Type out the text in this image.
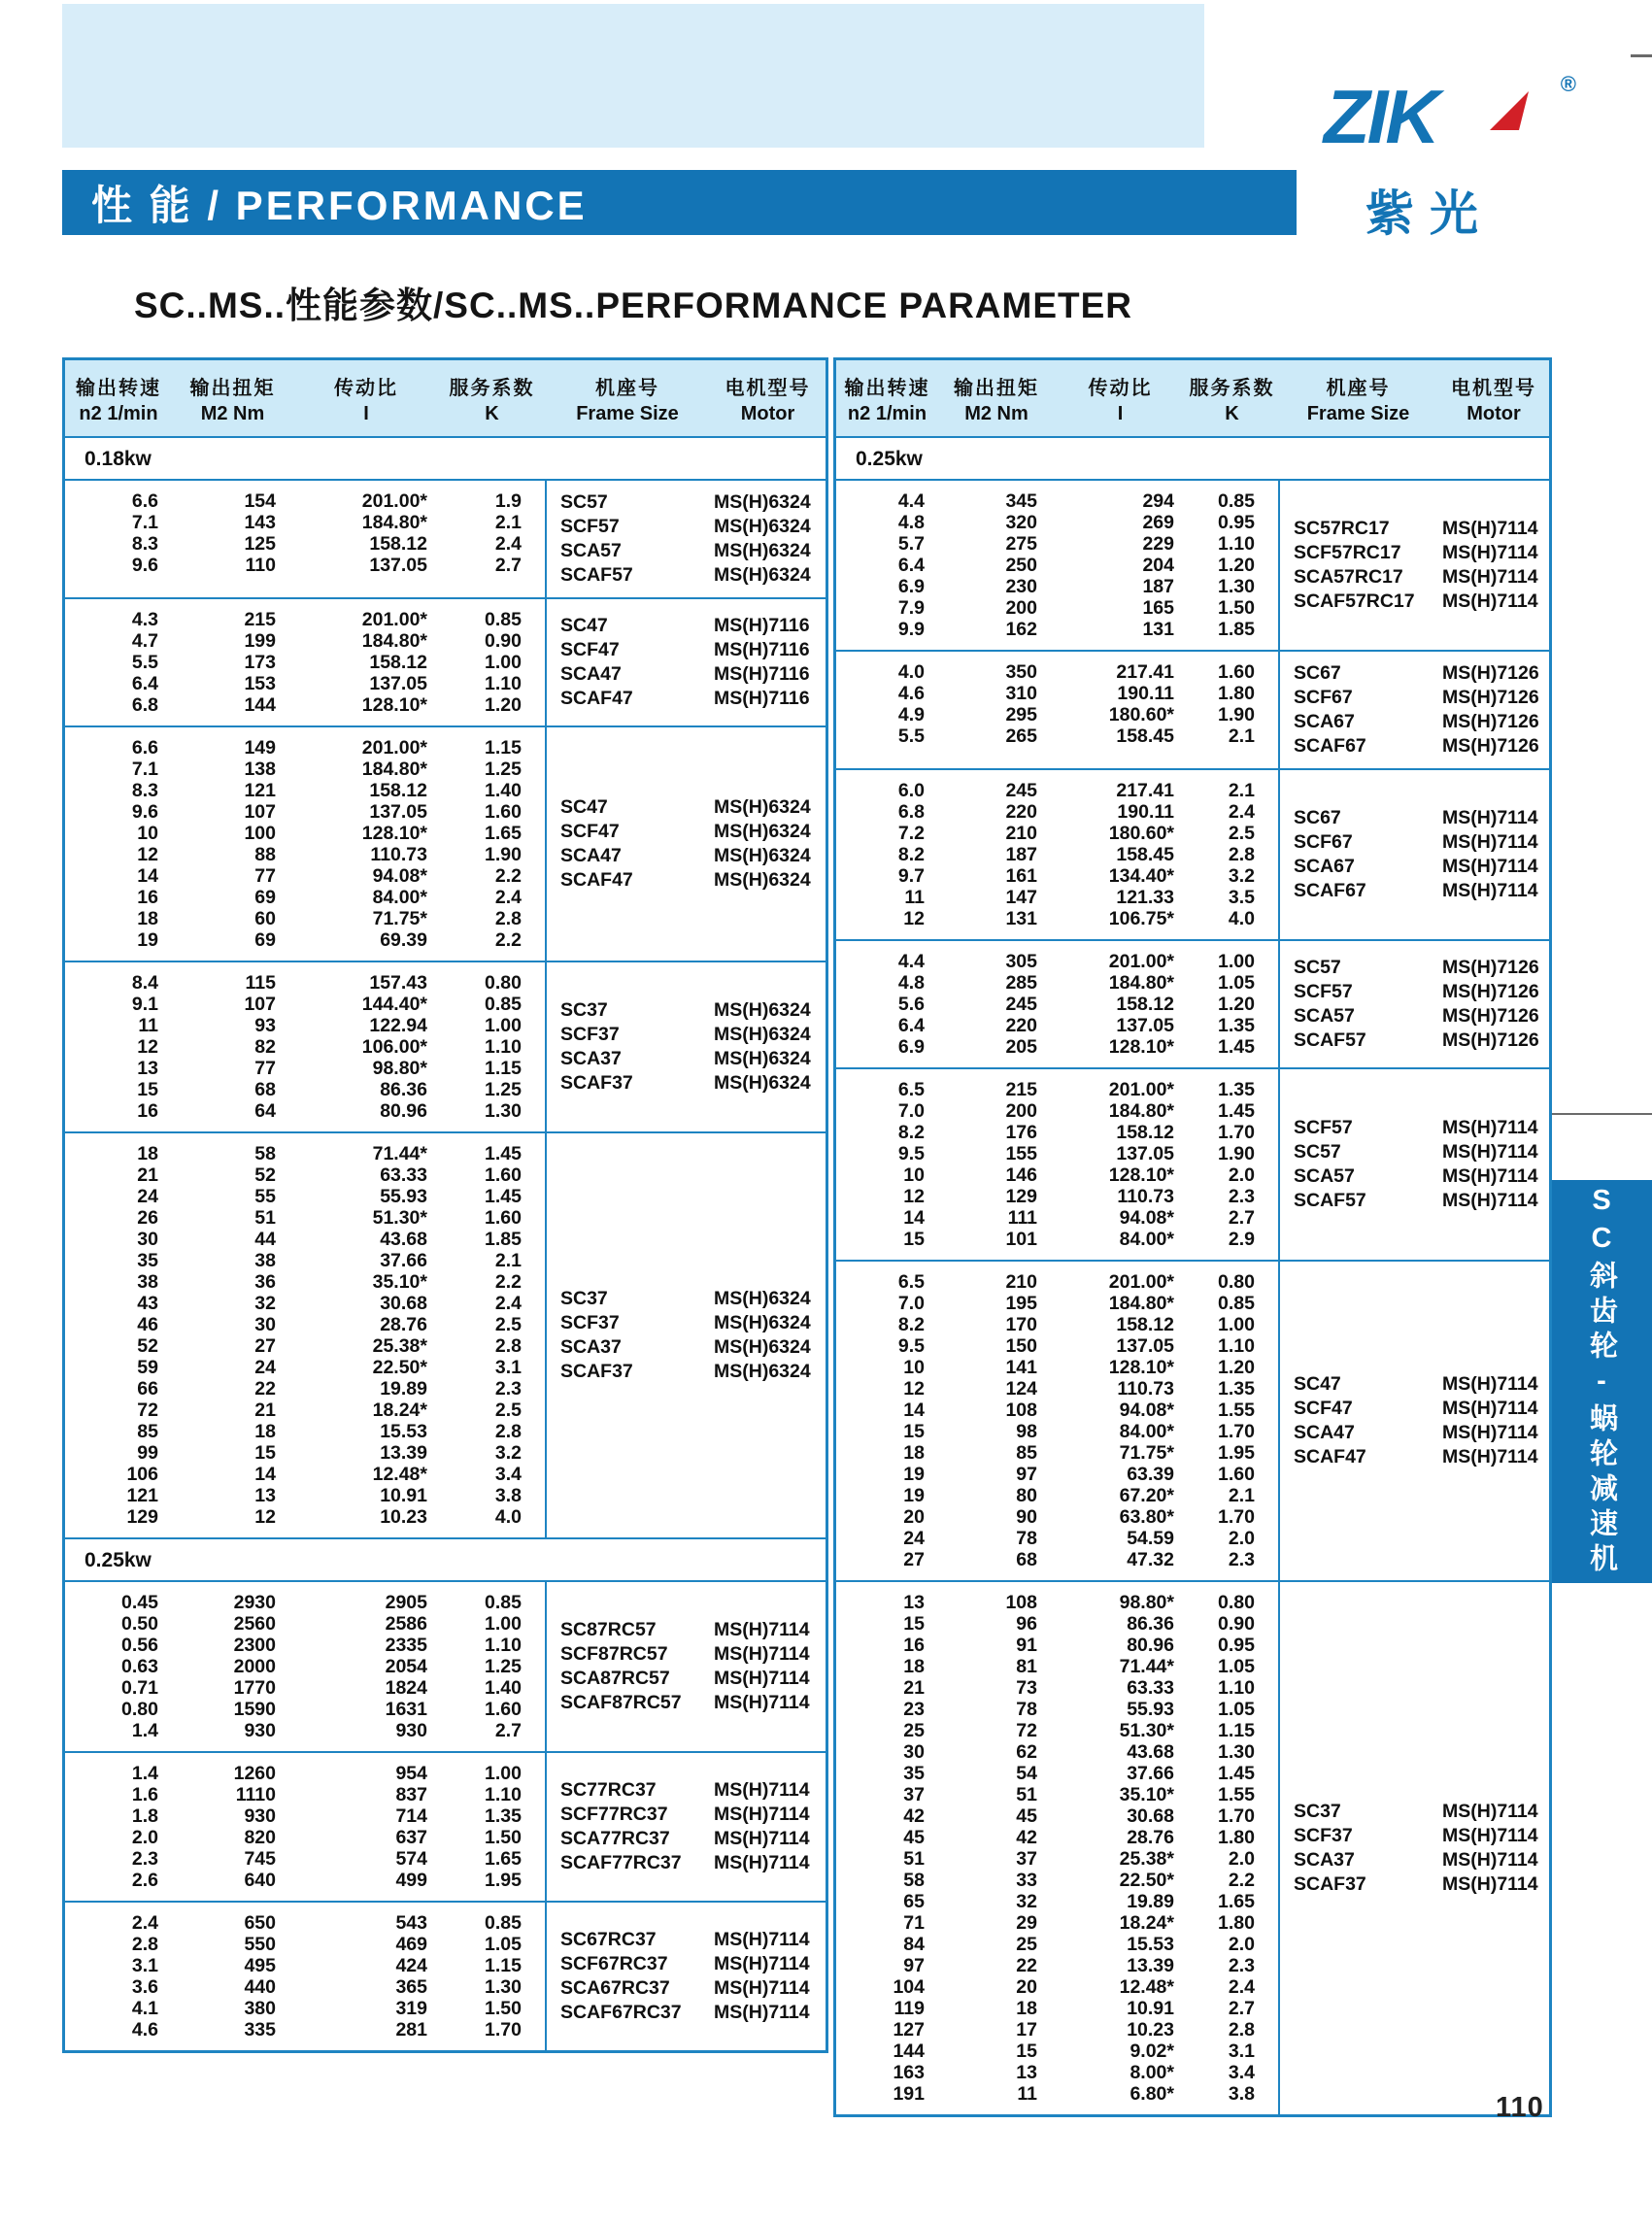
性 能 / PERFORMANCE
ZIK	®
紫光
SC..MS..性能参数/SC..MS..PERFORMANCE PARAMETER
输出转速
n2 1/min
输出扭矩
M2 Nm
传动比
I
服务系数
K
机座号
Frame Size
电机型号
Motor
0.18kw
6.6
7.1
8.3
9.6
154
143
125
110
201.00*
184.80*
158.12
137.05
1.9
2.1
2.4
2.7
SC57
SCF57
SCA57
SCAF57
MS(H)6324
MS(H)6324
MS(H)6324
MS(H)6324
4.3
4.7
5.5
6.4
6.8
215
199
173
153
144
201.00*
184.80*
158.12
137.05
128.10*
0.85
0.90
1.00
1.10
1.20
SC47
SCF47
SCA47
SCAF47
MS(H)7116
MS(H)7116
MS(H)7116
MS(H)7116
6.6
7.1
8.3
9.6
10
12
14
16
18
19
149
138
121
107
100
88
77
69
60
69
201.00*
184.80*
158.12
137.05
128.10*
110.73
94.08*
84.00*
71.75*
69.39
1.15
1.25
1.40
1.60
1.65
1.90
2.2
2.4
2.8
2.2
SC47
SCF47
SCA47
SCAF47
MS(H)6324
MS(H)6324
MS(H)6324
MS(H)6324
8.4
9.1
11
12
13
15
16
115
107
93
82
77
68
64
157.43
144.40*
122.94
106.00*
98.80*
86.36
80.96
0.80
0.85
1.00
1.10
1.15
1.25
1.30
SC37
SCF37
SCA37
SCAF37
MS(H)6324
MS(H)6324
MS(H)6324
MS(H)6324
18
21
24
26
30
35
38
43
46
52
59
66
72
85
99
106
121
129
58
52
55
51
44
38
36
32
30
27
24
22
21
18
15
14
13
12
71.44*
63.33
55.93
51.30*
43.68
37.66
35.10*
30.68
28.76
25.38*
22.50*
19.89
18.24*
15.53
13.39
12.48*
10.91
10.23
1.45
1.60
1.45
1.60
1.85
2.1
2.2
2.4
2.5
2.8
3.1
2.3
2.5
2.8
3.2
3.4
3.8
4.0
SC37
SCF37
SCA37
SCAF37
MS(H)6324
MS(H)6324
MS(H)6324
MS(H)6324
0.25kw
0.45
0.50
0.56
0.63
0.71
0.80
1.4
2930
2560
2300
2000
1770
1590
930
2905
2586
2335
2054
1824
1631
930
0.85
1.00
1.10
1.25
1.40
1.60
2.7
SC87RC57
SCF87RC57
SCA87RC57
SCAF87RC57
MS(H)7114
MS(H)7114
MS(H)7114
MS(H)7114
1.4
1.6
1.8
2.0
2.3
2.6
1260
1110
930
820
745
640
954
837
714
637
574
499
1.00
1.10
1.35
1.50
1.65
1.95
SC77RC37
SCF77RC37
SCA77RC37
SCAF77RC37
MS(H)7114
MS(H)7114
MS(H)7114
MS(H)7114
2.4
2.8
3.1
3.6
4.1
4.6
650
550
495
440
380
335
543
469
424
365
319
281
0.85
1.05
1.15
1.30
1.50
1.70
SC67RC37
SCF67RC37
SCA67RC37
SCAF67RC37
MS(H)7114
MS(H)7114
MS(H)7114
MS(H)7114
输出转速
n2 1/min
输出扭矩
M2 Nm
传动比
I
服务系数
K
机座号
Frame Size
电机型号
Motor
0.25kw
4.4
4.8
5.7
6.4
6.9
7.9
9.9
345
320
275
250
230
200
162
294
269
229
204
187
165
131
0.85
0.95
1.10
1.20
1.30
1.50
1.85
SC57RC17
SCF57RC17
SCA57RC17
SCAF57RC17
MS(H)7114
MS(H)7114
MS(H)7114
MS(H)7114
4.0
4.6
4.9
5.5
350
310
295
265
217.41
190.11
180.60*
158.45
1.60
1.80
1.90
2.1
SC67
SCF67
SCA67
SCAF67
MS(H)7126
MS(H)7126
MS(H)7126
MS(H)7126
6.0
6.8
7.2
8.2
9.7
11
12
245
220
210
187
161
147
131
217.41
190.11
180.60*
158.45
134.40*
121.33
106.75*
2.1
2.4
2.5
2.8
3.2
3.5
4.0
SC67
SCF67
SCA67
SCAF67
MS(H)7114
MS(H)7114
MS(H)7114
MS(H)7114
4.4
4.8
5.6
6.4
6.9
305
285
245
220
205
201.00*
184.80*
158.12
137.05
128.10*
1.00
1.05
1.20
1.35
1.45
SC57
SCF57
SCA57
SCAF57
MS(H)7126
MS(H)7126
MS(H)7126
MS(H)7126
6.5
7.0
8.2
9.5
10
12
14
15
215
200
176
155
146
129
111
101
201.00*
184.80*
158.12
137.05
128.10*
110.73
94.08*
84.00*
1.35
1.45
1.70
1.90
2.0
2.3
2.7
2.9
SCF57
SC57
SCA57
SCAF57
MS(H)7114
MS(H)7114
MS(H)7114
MS(H)7114
6.5
7.0
8.2
9.5
10
12
14
15
18
19
19
20
24
27
210
195
170
150
141
124
108
98
85
97
80
90
78
68
201.00*
184.80*
158.12
137.05
128.10*
110.73
94.08*
84.00*
71.75*
63.39
67.20*
63.80*
54.59
47.32
0.80
0.85
1.00
1.10
1.20
1.35
1.55
1.70
1.95
1.60
2.1
1.70
2.0
2.3
SC47
SCF47
SCA47
SCAF47
MS(H)7114
MS(H)7114
MS(H)7114
MS(H)7114
13
15
16
18
21
23
25
30
35
37
42
45
51
58
65
71
84
97
104
119
127
144
163
191
108
96
91
81
73
78
72
62
54
51
45
42
37
33
32
29
25
22
20
18
17
15
13
11
98.80*
86.36
80.96
71.44*
63.33
55.93
51.30*
43.68
37.66
35.10*
30.68
28.76
25.38*
22.50*
19.89
18.24*
15.53
13.39
12.48*
10.91
10.23
9.02*
8.00*
6.80*
0.80
0.90
0.95
1.05
1.10
1.05
1.15
1.30
1.45
1.55
1.70
1.80
2.0
2.2
1.65
1.80
2.0
2.3
2.4
2.7
2.8
3.1
3.4
3.8
SC37
SCF37
SCA37
SCAF37
MS(H)7114
MS(H)7114
MS(H)7114
MS(H)7114
SC斜齿轮-蜗轮减速机
110
